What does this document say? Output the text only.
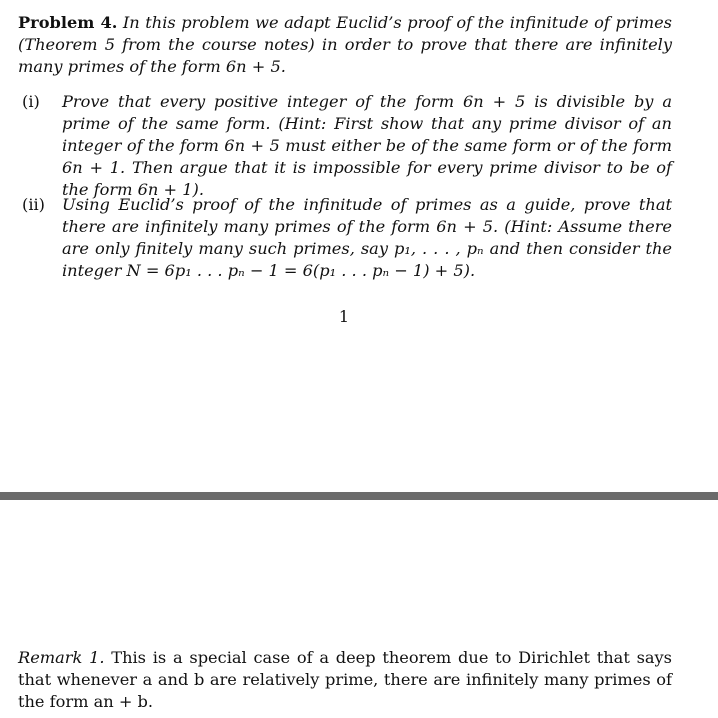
Problem 4. In this problem we adapt Euclid’s proof of the infinitude of primes (Theorem 5 from the course notes) in order to prove that there are infinitely many primes of the form 6n + 5.
(i) Prove that every positive integer of the form 6n + 5 is divisible by a prime of the same form. (Hint: First show that any prime divisor of an integer of the form 6n + 5 must either be of the same form or of the form 6n + 1. Then argue that it is impossible for every prime divisor to be of the form 6n + 1).
(ii) Using Euclid’s proof of the infinitude of primes as a guide, prove that there are infinitely many primes of the form 6n + 5. (Hint: Assume there are only finitely many such primes, say p₁, . . . , pₙ and then consider the integer N = 6p₁ . . . pₙ − 1 = 6(p₁ . . . pₙ − 1) + 5).
1
Remark 1. This is a special case of a deep theorem due to Dirichlet that says that whenever a and b are relatively prime, there are infinitely many primes of the form an + b.
